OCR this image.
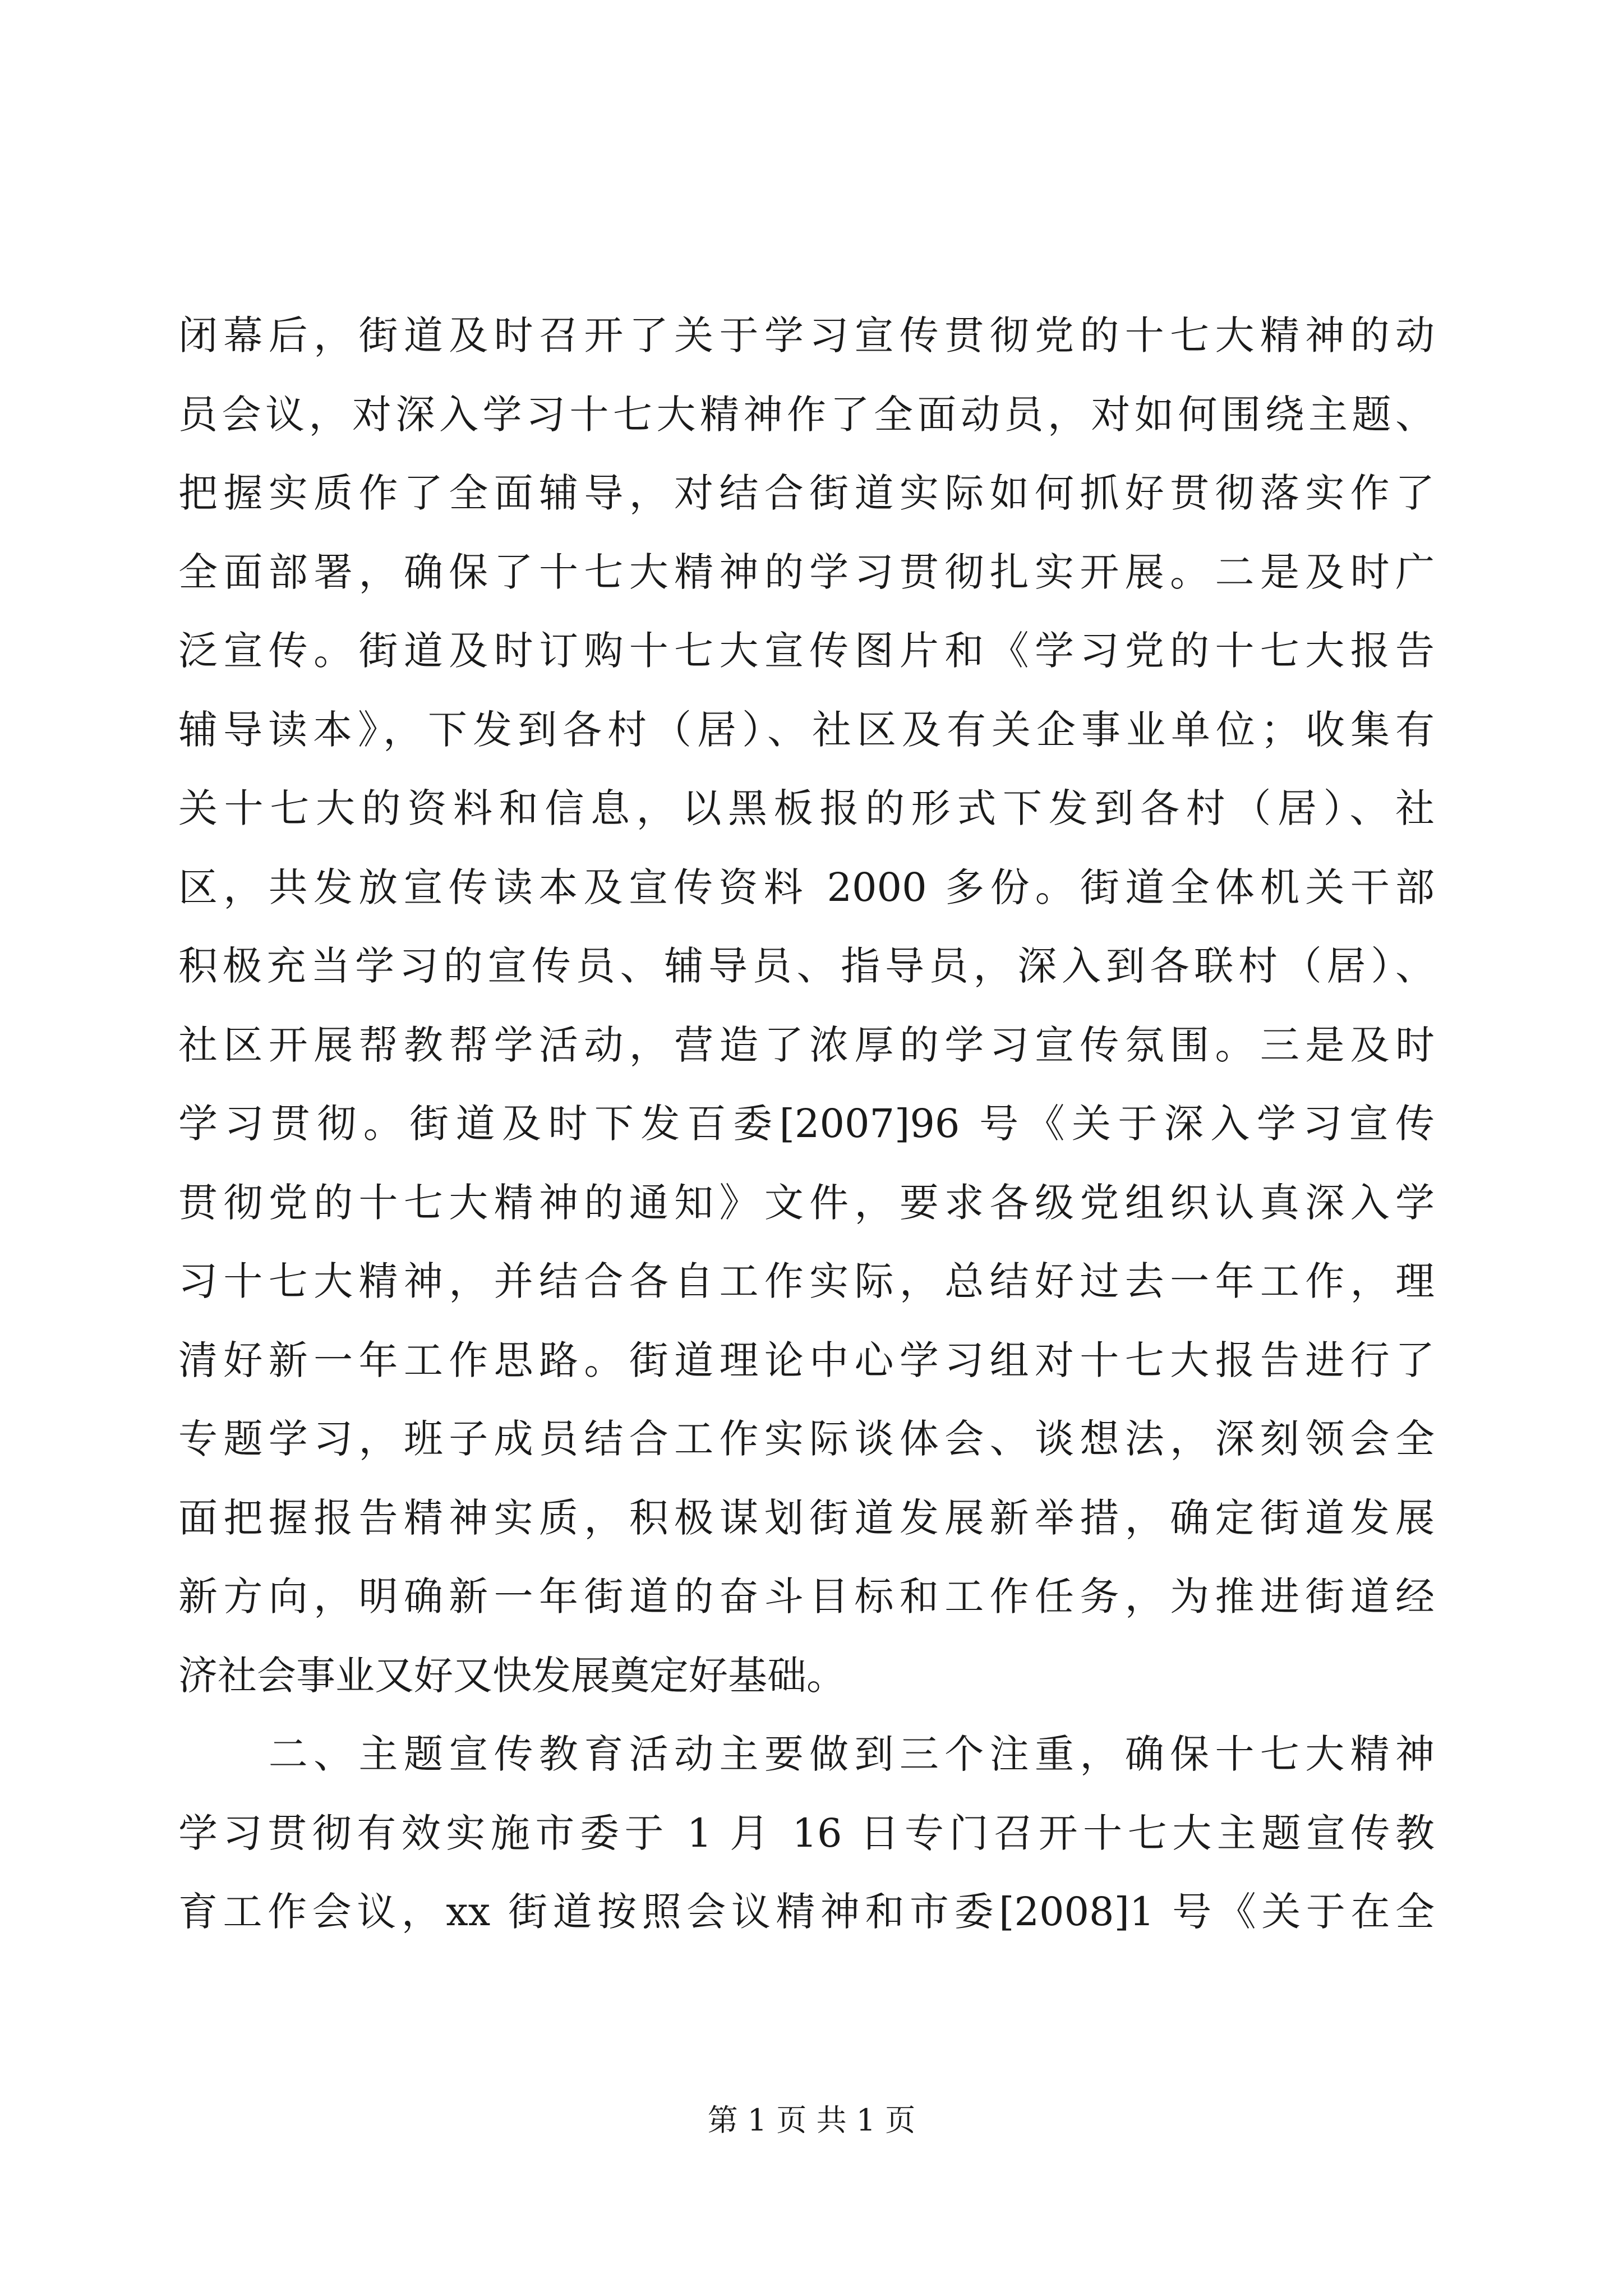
闭幕后，街道及时召开了关于学习宣传贯彻党的十七大精神的动
员会议，对深入学习十七大精神作了全面动员，对如何围绕主题、
把握实质作了全面辅导，对结合街道实际如何抓好贯彻落实作了
全面部署，确保了十七大精神的学习贯彻扎实开展。二是及时广
泛宣传。街道及时订购十七大宣传图片和《学习党的十七大报告
辅导读本》，下发到各村（居）、社区及有关企事业单位；收集有
关十七大的资料和信息，以黑板报的形式下发到各村（居）、社
区，共发放宣传读本及宣传资料 2000 多份。街道全体机关干部
积极充当学习的宣传员、辅导员、指导员，深入到各联村（居）、
社区开展帮教帮学活动，营造了浓厚的学习宣传氛围。三是及时
学习贯彻。街道及时下发百委[2007]96 号《关于深入学习宣传
贯彻党的十七大精神的通知》文件，要求各级党组织认真深入学
习十七大精神，并结合各自工作实际，总结好过去一年工作，理
清好新一年工作思路。街道理论中心学习组对十七大报告进行了
专题学习，班子成员结合工作实际谈体会、谈想法，深刻领会全
面把握报告精神实质，积极谋划街道发展新举措，确定街道发展
新方向，明确新一年街道的奋斗目标和工作任务，为推进街道经
济社会事业又好又快发展奠定好基础。
　　二、主题宣传教育活动主要做到三个注重，确保十七大精神
学习贯彻有效实施市委于 1 月 16 日专门召开十七大主题宣传教
育工作会议，xx 街道按照会议精神和市委[2008]1 号《关于在全
第 1 页 共 1 页
